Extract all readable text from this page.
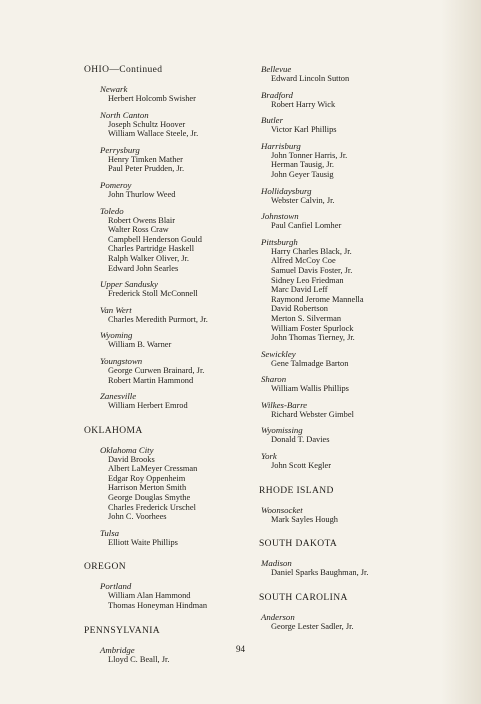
OHIO—Continued
Newark
Herbert Holcomb Swisher
North Canton
Joseph Schultz Hoover
William Wallace Steele, Jr.
Perrysburg
Henry Timken Mather
Paul Peter Prudden, Jr.
Pomeroy
John Thurlow Weed
Toledo
Robert Owens Blair
Walter Ross Craw
Campbell Henderson Gould
Charles Partridge Haskell
Ralph Walker Oliver, Jr.
Edward John Searles
Upper Sandusky
Frederick Stoll McConnell
Van Wert
Charles Meredith Purmort, Jr.
Wyoming
William B. Warner
Youngstown
George Curwen Brainard, Jr.
Robert Martin Hammond
Zanesville
William Herbert Emrod
OKLAHOMA
Oklahoma City
David Brooks
Albert LaMeyer Cressman
Edgar Roy Oppenheim
Harrison Merton Smith
George Douglas Smythe
Charles Frederick Urschel
John C. Voorhees
Tulsa
Elliott Waite Phillips
OREGON
Portland
William Alan Hammond
Thomas Honeyman Hindman
PENNSYLVANIA
Ambridge
Lloyd C. Beall, Jr.
Bellevue
Edward Lincoln Sutton
Bradford
Robert Harry Wick
Butler
Victor Karl Phillips
Harrisburg
John Tonner Harris, Jr.
Herman Tausig, Jr.
John Geyer Tausig
Hollidaysburg
Webster Calvin, Jr.
Johnstown
Paul Canfiel Lomher
Pittsburgh
Harry Charles Black, Jr.
Alfred McCoy Coe
Samuel Davis Foster, Jr.
Sidney Leo Friedman
Marc David Leff
Raymond Jerome Mannella
David Robertson
Merton S. Silverman
William Foster Spurlock
John Thomas Tierney, Jr.
Sewickley
Gene Talmadge Barton
Sharon
William Wallis Phillips
Wilkes-Barre
Richard Webster Gimbel
Wyomissing
Donald T. Davies
York
John Scott Kegler
RHODE ISLAND
Woonsocket
Mark Sayles Hough
SOUTH DAKOTA
Madison
Daniel Sparks Baughman, Jr.
SOUTH CAROLINA
Anderson
George Lester Sadler, Jr.
94
